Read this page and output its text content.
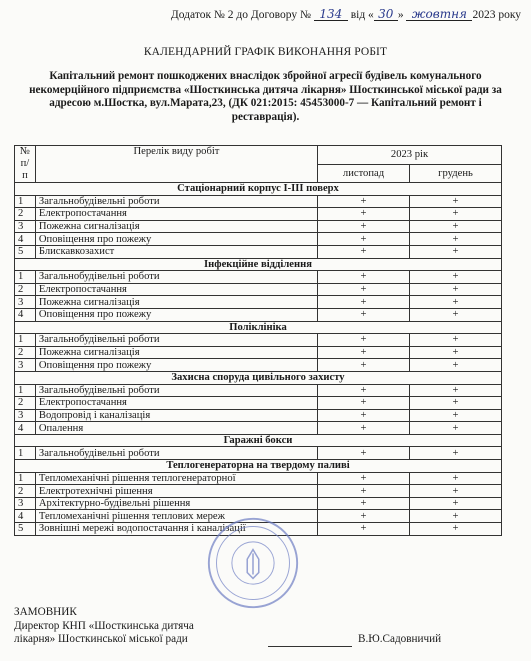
Додаток № 2 до Договору № 134 від « 30 » жовтня 2023 року
КАЛЕНДАРНИЙ ГРАФІК ВИКОНАННЯ РОБІТ
Капітальний ремонт пошкоджених внаслідок збройної агресії будівель комунального некомерційного підприємства «Шосткинська дитяча лікарня» Шосткинської міської ради за адресою м.Шостка, вул.Марата,23, (ДК 021:2015: 45453000-7 — Капітальний ремонт і реставрація).
№ п/п	Перелік виду робіт	2023 рік	
		листопад	грудень
Стаціонарний корпус І-ІІІ поверх			
1	Загальнобудівельні роботи	+	+
2	Електропостачання	+	+
3	Пожежна сигналізація	+	+
4	Оповіщення про пожежу	+	+
5	Блискавкозахист	+	+
Інфекційне відділення			
1	Загальнобудівельні роботи	+	+
2	Електропостачання	+	+
3	Пожежна сигналізація	+	+
4	Оповіщення про пожежу	+	+
Поліклініка			
1	Загальнобудівельні роботи	+	+
2	Пожежна сигналізація	+	+
3	Оповіщення про пожежу	+	+
Захисна споруда цивільного захисту			
1	Загальнобудівельні роботи	+	+
2	Електропостачання	+	+
3	Водопровід і каналізація	+	+
4	Опалення	+	+
Гаражні бокси			
1	Загальнобудівельні роботи	+	+
Теплогенераторна на твердому паливі			
1	Тепломеханічні рішення теплогенераторної	+	+
2	Електротехнічні рішення	+	+
3	Архітектурно-будівельні рішення	+	+
4	Тепломеханічні рішення теплових мереж	+	+
5	Зовнішні мережі водопостачання і каналізації	+	+
ЗАМОВНИК
Директор КНП «Шосткинська дитяча
лікарня» Шосткинської міської ради	В.Ю.Садовничий
